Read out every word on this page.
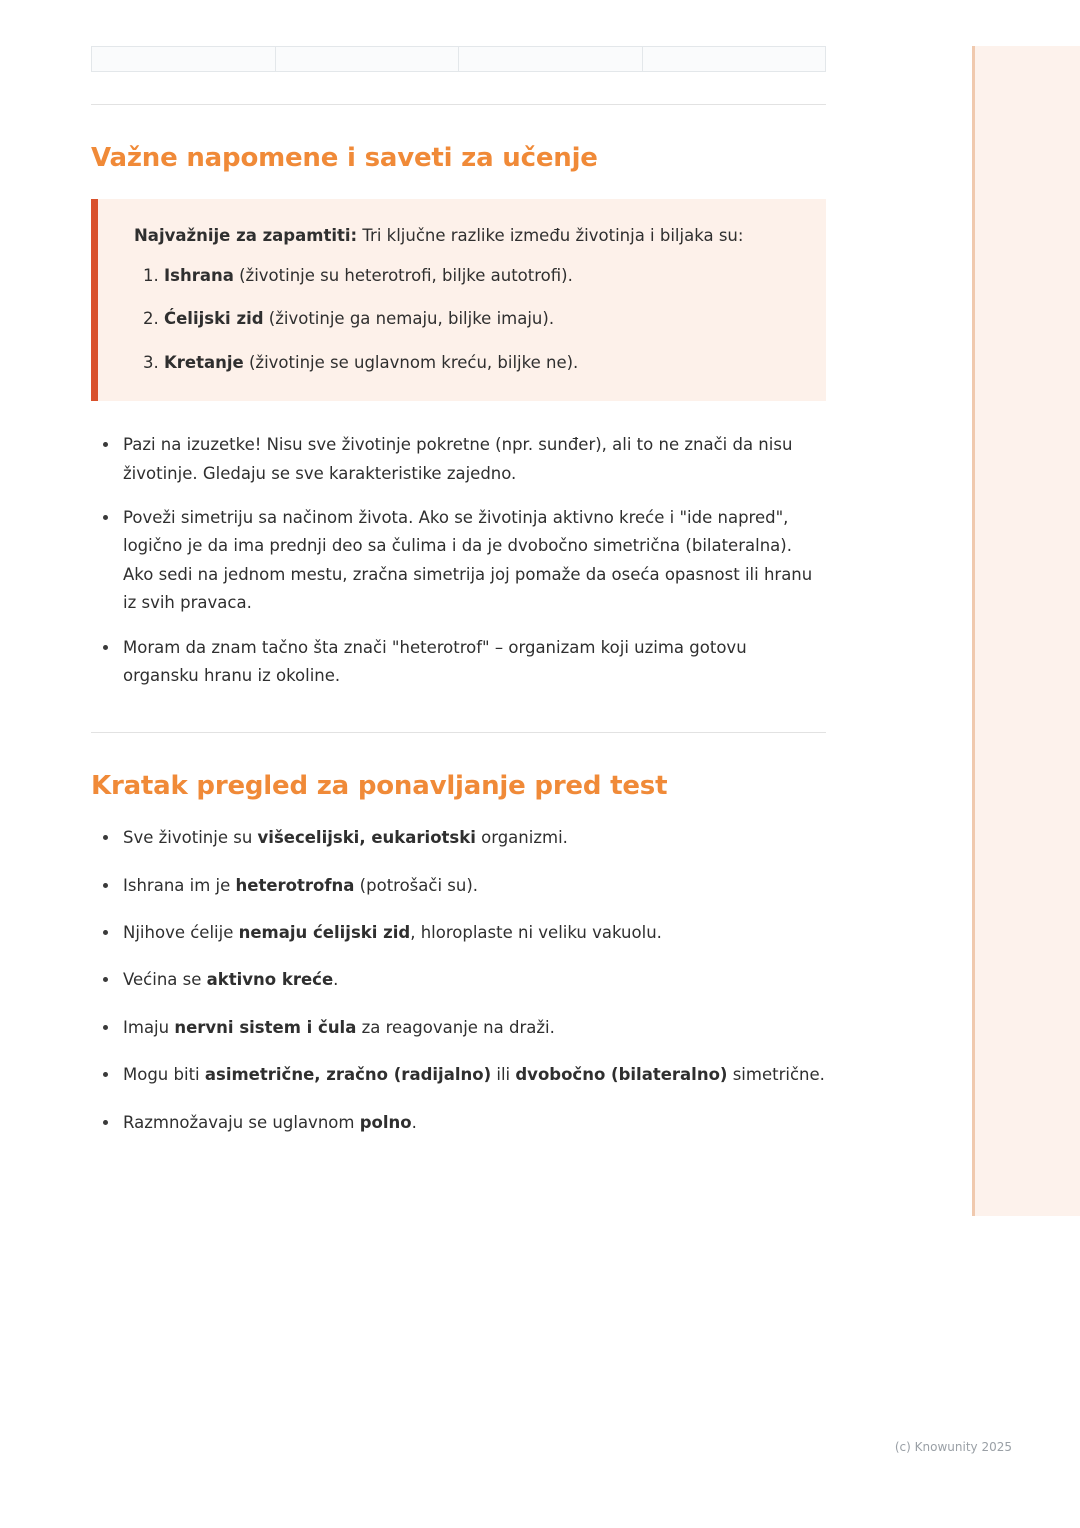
Važne napomene i saveti za učenje
Najvažnije za zapamtiti: Tri ključne razlike između životinja i biljaka su:
1. Ishrana (životinje su heterotrofi, biljke autotrofi).
2. Ćelijski zid (životinje ga nemaju, biljke imaju).
3. Kretanje (životinje se uglavnom kreću, biljke ne).
Pazi na izuzetke! Nisu sve životinje pokretne (npr. sunđer), ali to ne znači da nisu životinje. Gledaju se sve karakteristike zajedno.
Poveži simetriju sa načinom života. Ako se životinja aktivno kreće i "ide napred", logično je da ima prednji deo sa čulima i da je dvobočno simetrična (bilateralna). Ako sedi na jednom mestu, zračna simetrija joj pomaže da oseća opasnost ili hranu iz svih pravaca.
Moram da znam tačno šta znači "heterotrof" – organizam koji uzima gotovu organsku hranu iz okoline.
Kratak pregled za ponavljanje pred test
Sve životinje su višecelijski, eukariotski organizmi.
Ishrana im je heterotrofna (potrošači su).
Njihove ćelije nemaju ćelijski zid, hloroplaste ni veliku vakuolu.
Većina se aktivno kreće.
Imaju nervni sistem i čula za reagovanje na draži.
Mogu biti asimetrične, zračno (radijalno) ili dvobočno (bilateralno) simetrične.
Razmnožavaju se uglavnom polno.
(c) Knowunity 2025
